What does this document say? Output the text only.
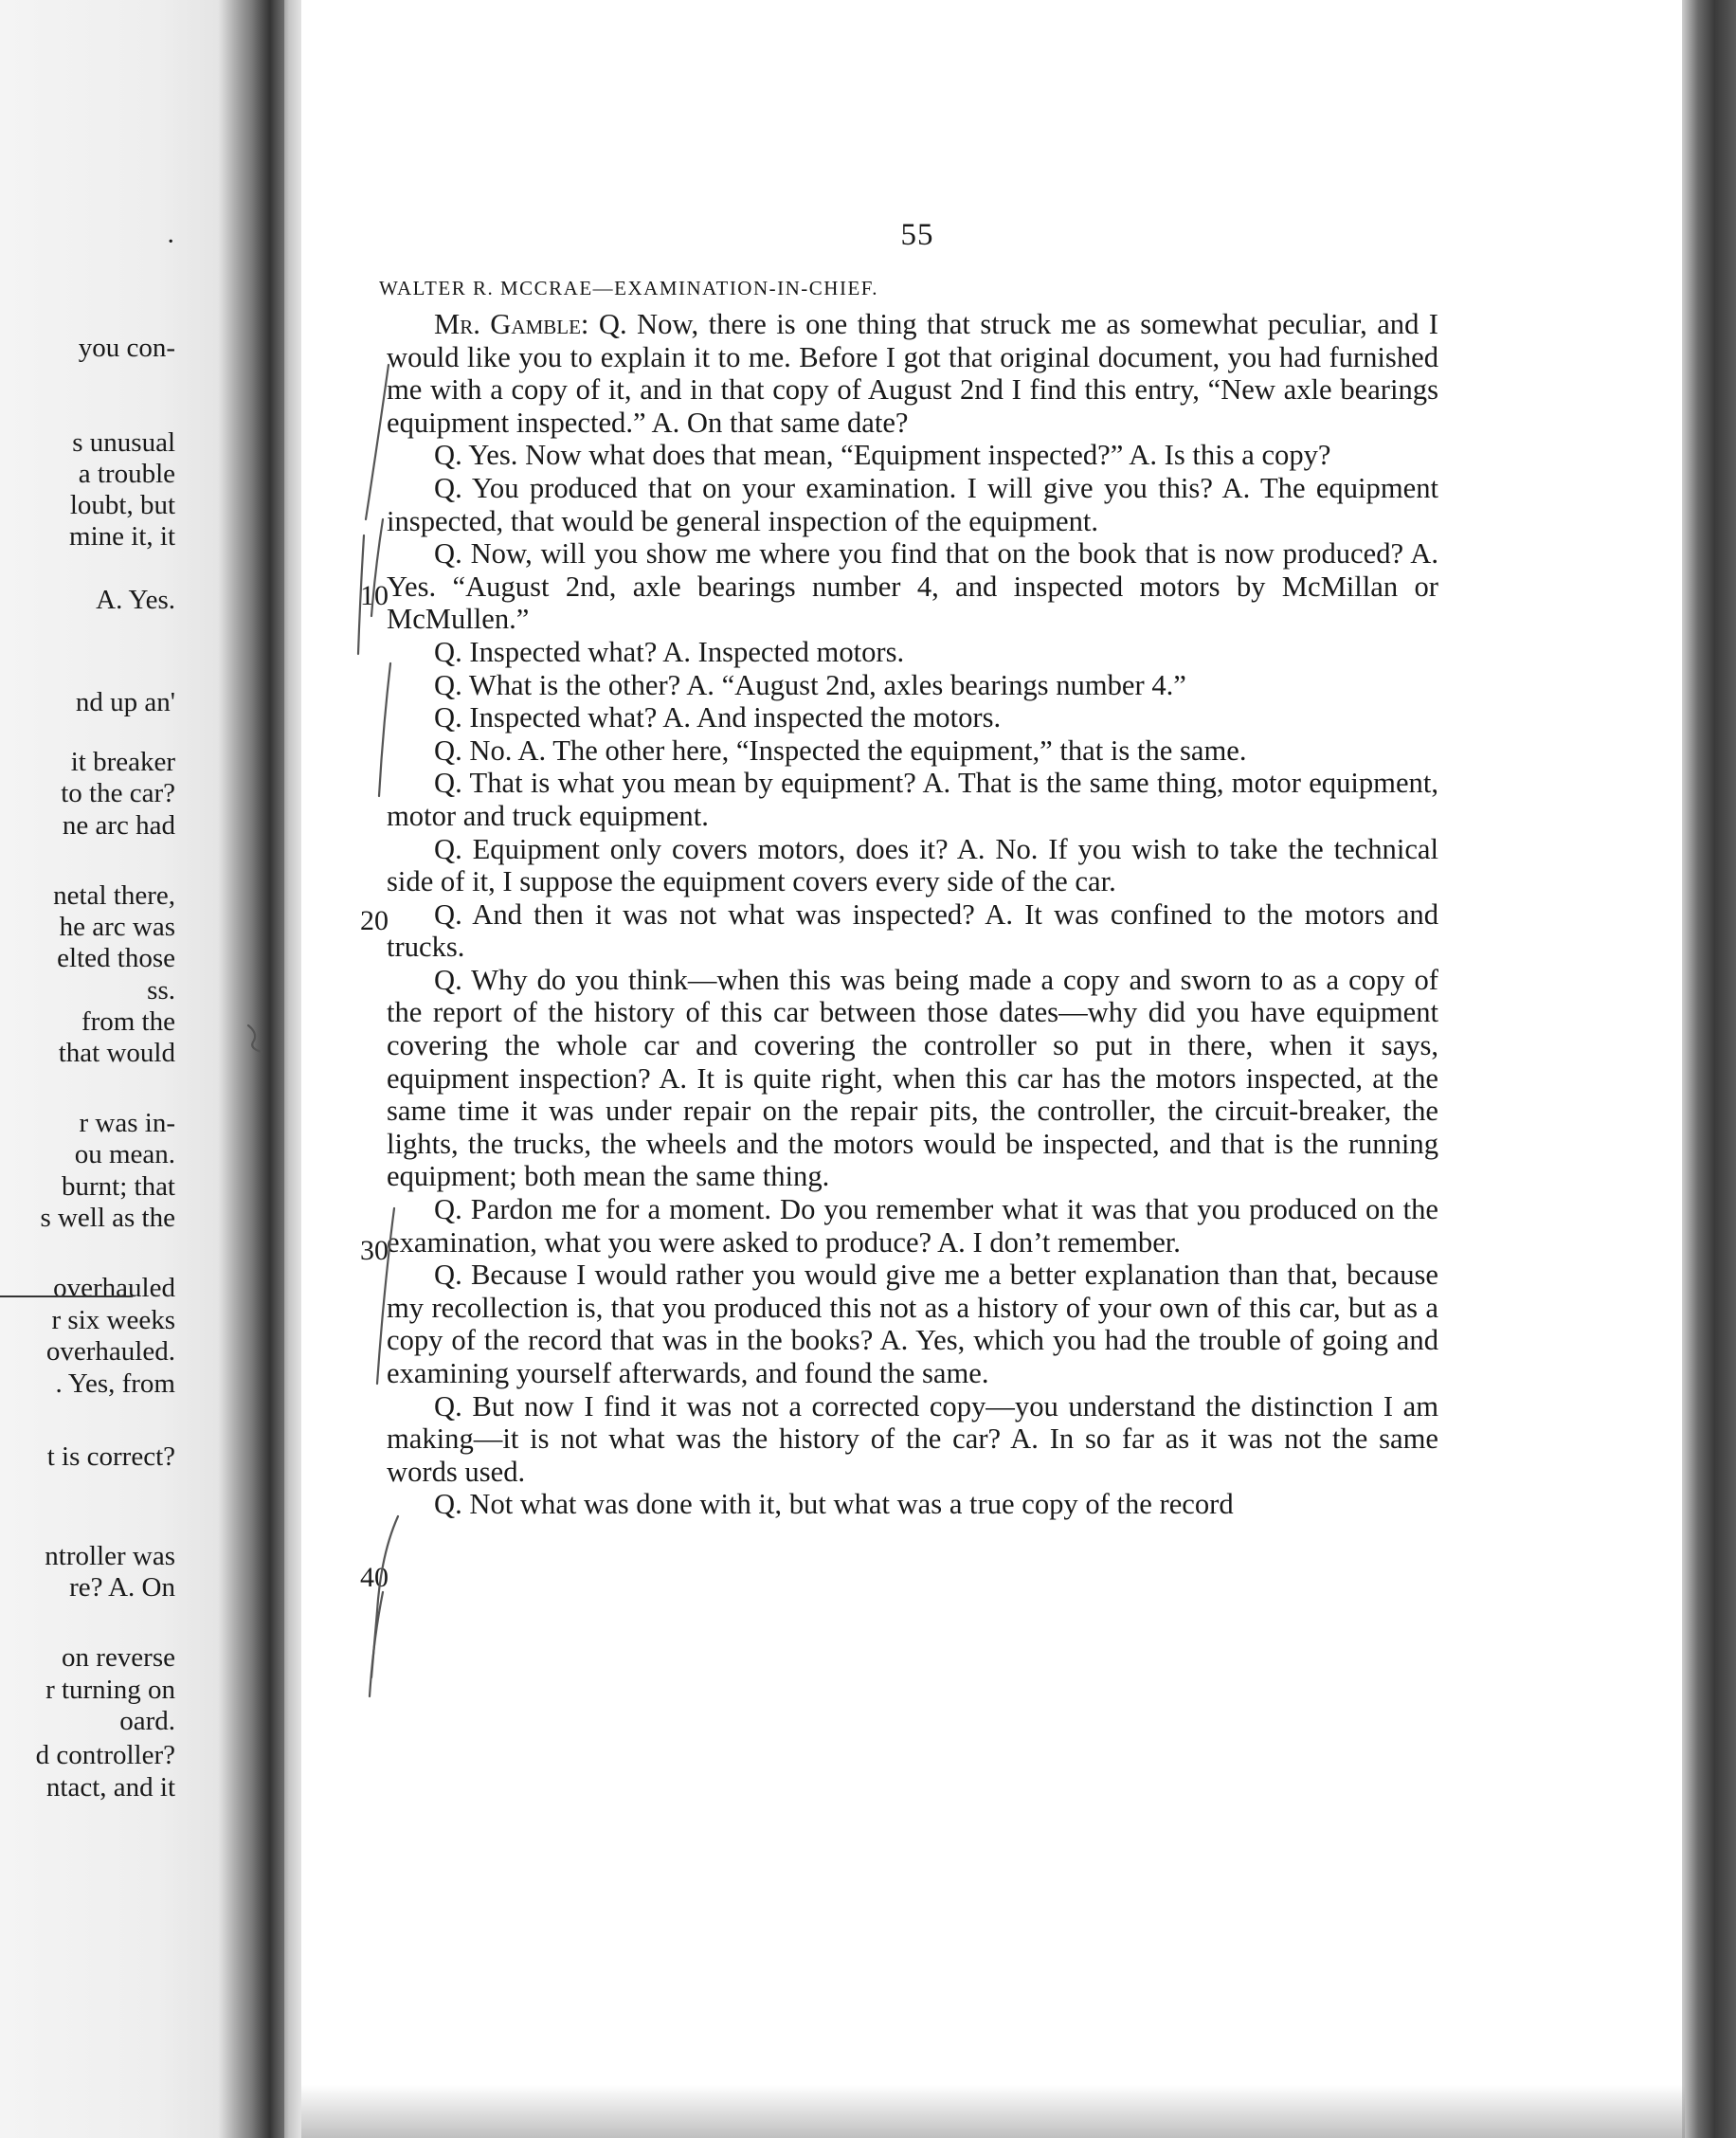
·
you con-
s unusual
a trouble
loubt, but
mine it, it
A. Yes.
nd up an'
it breaker
to the car?
ne arc had
netal there,
he arc was
elted those
ss.
from the
that would
r was in-
ou mean.
burnt; that
s well as the
overhauled
r six weeks
overhauled.
. Yes, from
t is correct?
ntroller was
re? A. On
on reverse
r turning on
oard.
d controller?
ntact, and it
55
WALTER R. MCCRAE—EXAMINATION-IN-CHIEF.

Mr. Gamble: Q. Now, there is one thing that struck me as somewhat peculiar, and I would like you to explain it to me. Before I got that original document, you had furnished me with a copy of it, and in that copy of August 2nd I find this entry, “New axle bearings equipment inspected.” A. On that same date?

Q. Yes. Now what does that mean, “Equipment inspected?” A. Is this a copy?

Q. You produced that on your examination. I will give you this? A. The equipment inspected, that would be general inspection of the equipment.

Q. Now, will you show me where you find that on the book that is now produced? A. Yes. “August 2nd, axle bearings number 4, and inspected motors by McMillan or McMullen.”

Q. Inspected what? A. Inspected motors.

Q. What is the other? A. “August 2nd, axles bearings number 4.”

Q. Inspected what? A. And inspected the motors.

Q. No. A. The other here, “Inspected the equipment,” that is the same.

Q. That is what you mean by equipment? A. That is the same thing, motor equipment, motor and truck equipment.

Q. Equipment only covers motors, does it? A. No. If you wish to take the technical side of it, I suppose the equipment covers every side of the car.

Q. And then it was not what was inspected? A. It was confined to the motors and trucks.

Q. Why do you think—when this was being made a copy and sworn to as a copy of the report of the history of this car between those dates—why did you have equipment covering the whole car and covering the controller so put in there, when it says, equipment inspection? A. It is quite right, when this car has the motors inspected, at the same time it was under repair on the repair pits, the controller, the circuit-breaker, the lights, the trucks, the wheels and the motors would be inspected, and that is the running equipment; both mean the same thing.

Q. Pardon me for a moment. Do you remember what it was that you produced on the examination, what you were asked to produce? A. I don’t remember.

Q. Because I would rather you would give me a better explanation than that, because my recollection is, that you produced this not as a history of your own of this car, but as a copy of the record that was in the books? A. Yes, which you had the trouble of going and examining yourself afterwards, and found the same.

Q. But now I find it was not a corrected copy—you understand the distinction I am making—it is not what was the history of the car? A. In so far as it was not the same words used.

Q. Not what was done with it, but what was a true copy of the record

10
20
30
40
